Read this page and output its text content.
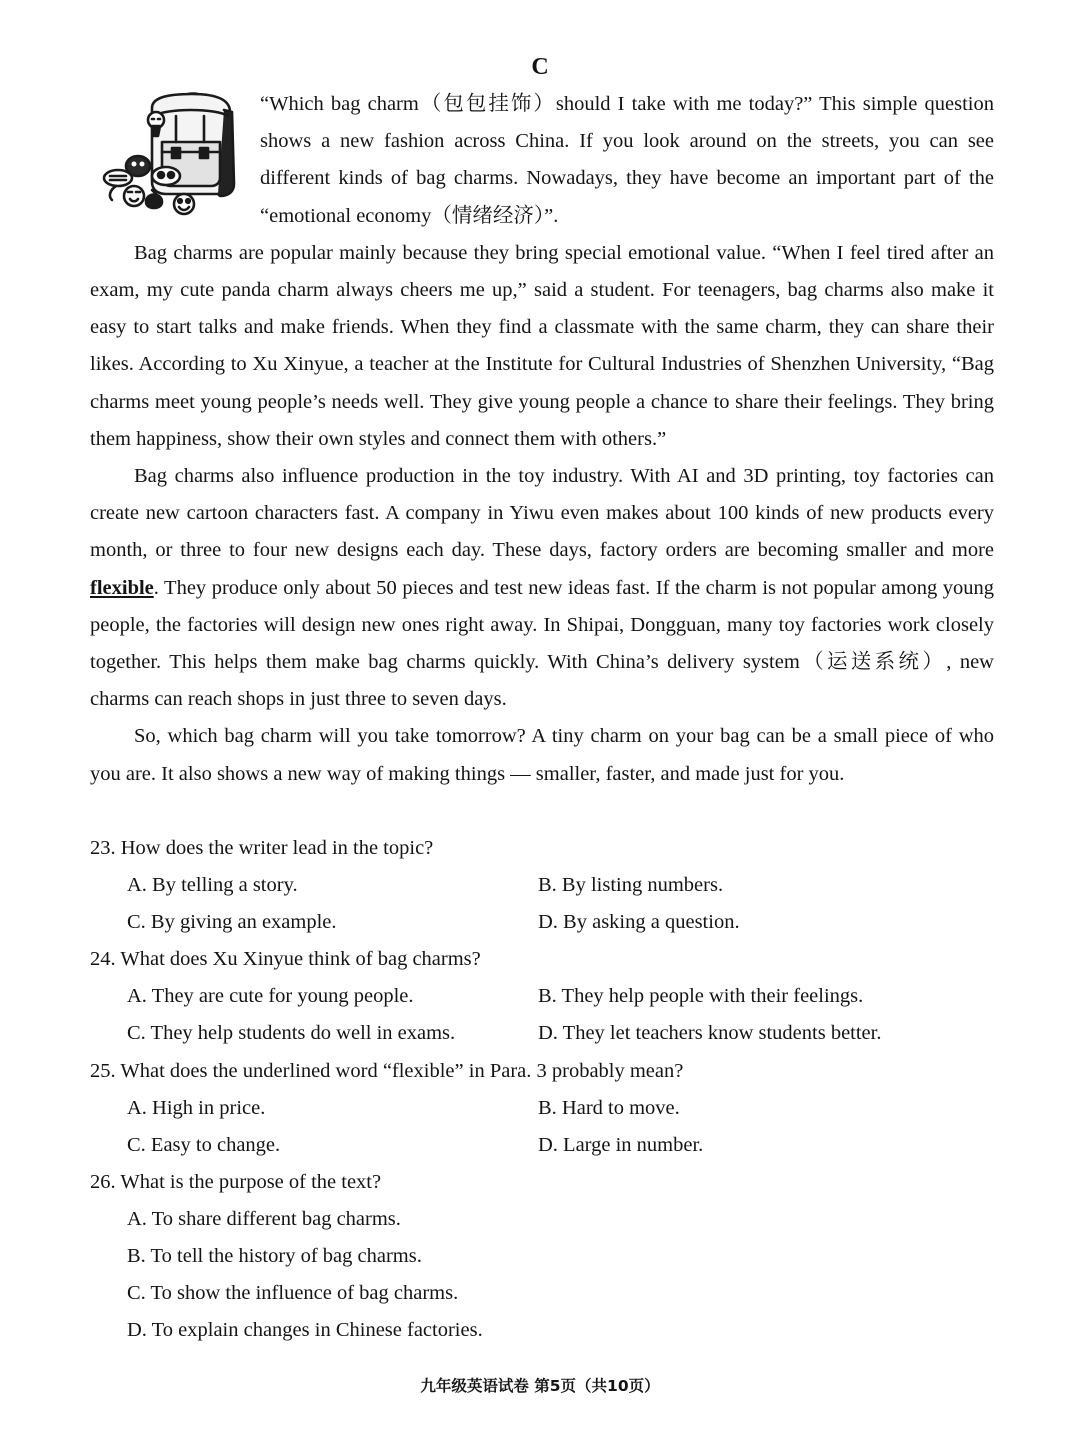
C

“Which bag charm（包包挂饰）should I take with me today?” This simple question shows a new fashion across China. If you look around on the streets, you can see different kinds of bag charms. Nowadays, they have become an important part of the “emotional economy（情绪经济）”.

Bag charms are popular mainly because they bring special emotional value. “When I feel tired after an exam, my cute panda charm always cheers me up,” said a student. For teenagers, bag charms also make it easy to start talks and make friends. When they find a classmate with the same charm, they can share their likes. According to Xu Xinyue, a teacher at the Institute for Cultural Industries of Shenzhen University, “Bag charms meet young people’s needs well. They give young people a chance to share their feelings. They bring them happiness, show their own styles and connect them with others.”

Bag charms also influence production in the toy industry. With AI and 3D printing, toy factories can create new cartoon characters fast. A company in Yiwu even makes about 100 kinds of new products every month, or three to four new designs each day. These days, factory orders are becoming smaller and more flexible. They produce only about 50 pieces and test new ideas fast. If the charm is not popular among young people, the factories will design new ones right away. In Shipai, Dongguan, many toy factories work closely together. This helps them make bag charms quickly. With China’s delivery system（运送系统）, new charms can reach shops in just three to seven days.

So, which bag charm will you take tomorrow? A tiny charm on your bag can be a small piece of who you are. It also shows a new way of making things — smaller, faster, and made just for you.

23. How does the writer lead in the topic?
A. By telling a story.	B. By listing numbers.
C. By giving an example.	D. By asking a question.
24. What does Xu Xinyue think of bag charms?
A. They are cute for young people.	B. They help people with their feelings.
C. They help students do well in exams.	D. They let teachers know students better.
25. What does the underlined word “flexible” in Para. 3 probably mean?
A. High in price.	B. Hard to move.
C. Easy to change.	D. Large in number.
26. What is the purpose of the text?
A. To share different bag charms.
B. To tell the history of bag charms.
C. To show the influence of bag charms.
D. To explain changes in Chinese factories.
九年级英语试卷 第5页（共10页）
